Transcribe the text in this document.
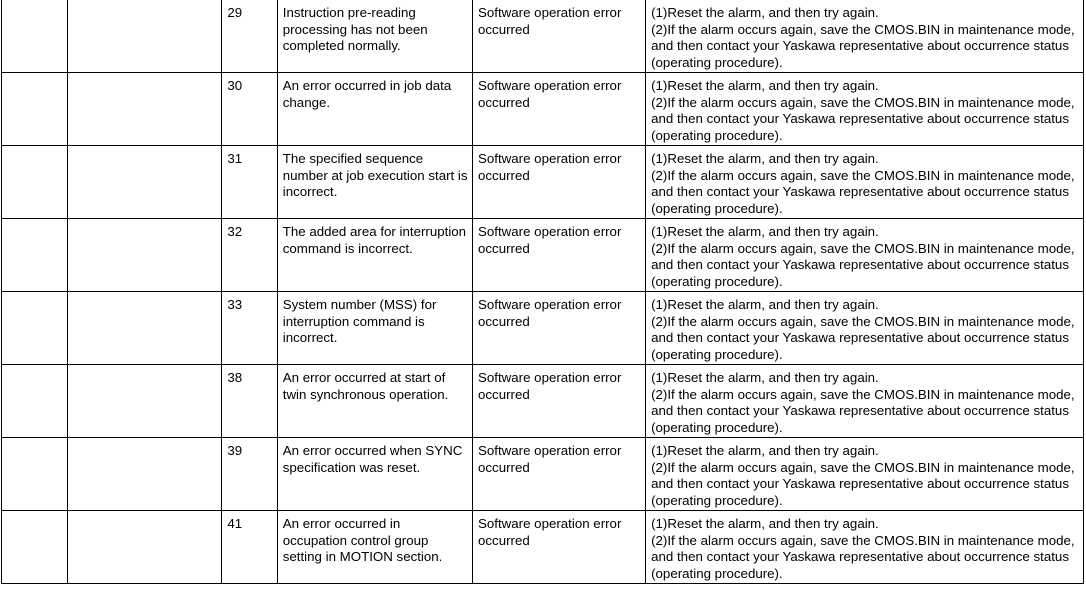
		29	Instruction pre-reading processing has not been completed normally.	Software operation error occurred	(1)Reset the alarm, and then try again.
(2)If the alarm occurs again, save the CMOS.BIN in maintenance mode, and then contact your Yaskawa representative about occurrence status (operating procedure).

		30	An error occurred in job data change.	Software operation error occurred	(1)Reset the alarm, and then try again.
(2)If the alarm occurs again, save the CMOS.BIN in maintenance mode, and then contact your Yaskawa representative about occurrence status (operating procedure).

		31	The specified sequence number at job execution start is incorrect.	Software operation error occurred	(1)Reset the alarm, and then try again.
(2)If the alarm occurs again, save the CMOS.BIN in maintenance mode, and then contact your Yaskawa representative about occurrence status (operating procedure).

		32	The added area for interruption command is incorrect.	Software operation error occurred	(1)Reset the alarm, and then try again.
(2)If the alarm occurs again, save the CMOS.BIN in maintenance mode, and then contact your Yaskawa representative about occurrence status (operating procedure).

		33	System number (MSS) for interruption command is incorrect.	Software operation error occurred	(1)Reset the alarm, and then try again.
(2)If the alarm occurs again, save the CMOS.BIN in maintenance mode, and then contact your Yaskawa representative about occurrence status (operating procedure).

		38	An error occurred at start of twin synchronous operation.	Software operation error occurred	(1)Reset the alarm, and then try again.
(2)If the alarm occurs again, save the CMOS.BIN in maintenance mode, and then contact your Yaskawa representative about occurrence status (operating procedure).

		39	An error occurred when SYNC specification was reset.	Software operation error occurred	(1)Reset the alarm, and then try again.
(2)If the alarm occurs again, save the CMOS.BIN in maintenance mode, and then contact your Yaskawa representative about occurrence status (operating procedure).

		41	An error occurred in occupation control group setting in MOTION section.	Software operation error occurred	(1)Reset the alarm, and then try again.
(2)If the alarm occurs again, save the CMOS.BIN in maintenance mode, and then contact your Yaskawa representative about occurrence status (operating procedure).
